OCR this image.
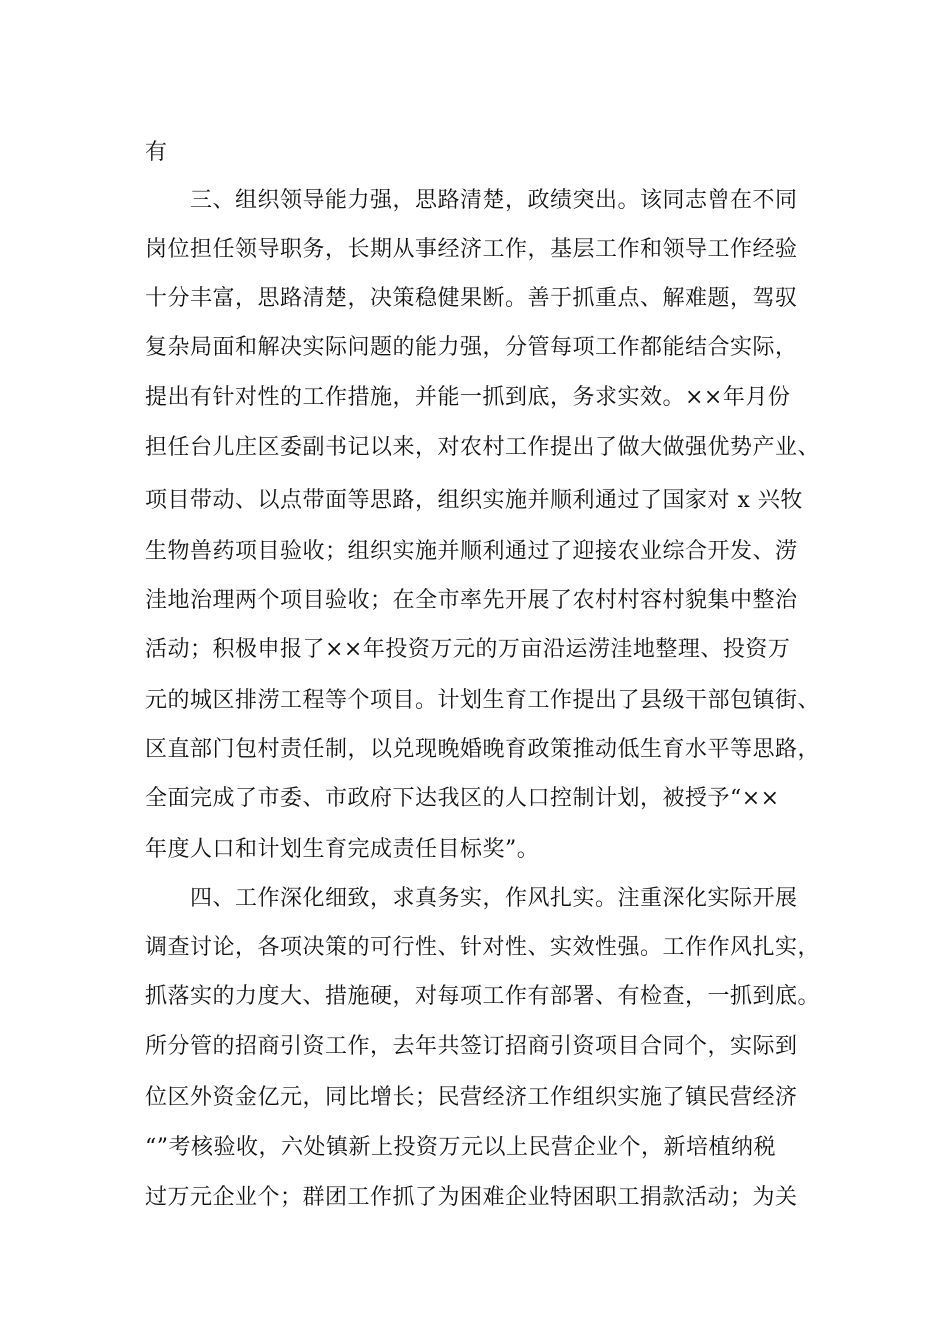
有
三、组织领导能力强，思路清楚，政绩突出。该同志曾在不同
岗位担任领导职务，长期从事经济工作，基层工作和领导工作经验
十分丰富，思路清楚，决策稳健果断。善于抓重点、解难题，驾驭
复杂局面和解决实际问题的能力强，分管每项工作都能结合实际，
提出有针对性的工作措施，并能一抓到底，务求实效。××年月份
担任台儿庄区委副书记以来，对农村工作提出了做大做强优势产业、
项目带动、以点带面等思路，组织实施并顺利通过了国家对 x 兴牧
生物兽药项目验收；组织实施并顺利通过了迎接农业综合开发、涝
洼地治理两个项目验收；在全市率先开展了农村村容村貌集中整治
活动；积极申报了××年投资万元的万亩沿运涝洼地整理、投资万
元的城区排涝工程等个项目。计划生育工作提出了县级干部包镇街、
区直部门包村责任制，以兑现晚婚晚育政策推动低生育水平等思路，
全面完成了市委、市政府下达我区的人口控制计划，被授予“××
年度人口和计划生育完成责任目标奖”。
四、工作深化细致，求真务实，作风扎实。注重深化实际开展
调查讨论，各项决策的可行性、针对性、实效性强。工作作风扎实，
抓落实的力度大、措施硬，对每项工作有部署、有检查，一抓到底。
所分管的招商引资工作，去年共签订招商引资项目合同个，实际到
位区外资金亿元，同比增长；民营经济工作组织实施了镇民营经济
“”考核验收，六处镇新上投资万元以上民营企业个，新培植纳税
过万元企业个；群团工作抓了为困难企业特困职工捐款活动；为关
